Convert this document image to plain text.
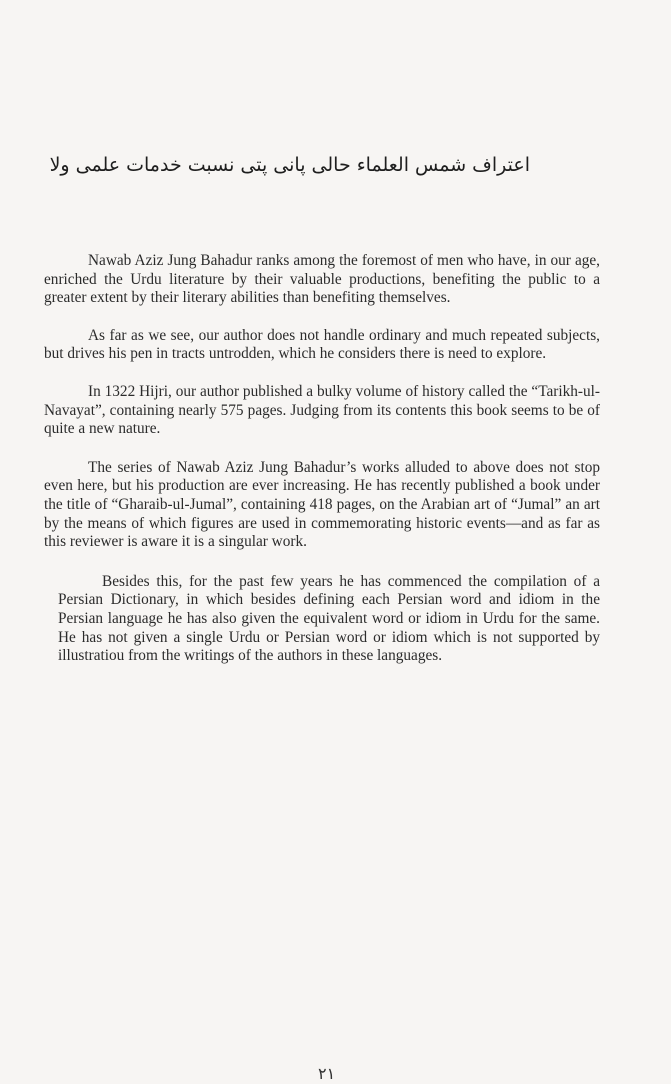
اعتراف شمس العلماء حالی پانی پتی نسبت خدمات علمی ولا

Nawab Aziz Jung Bahadur ranks among the foremost of men who have, in our age, enriched the Urdu literature by their valuable productions, benefiting the public to a greater extent by their literary abilities than benefiting themselves.

As far as we see, our author does not handle ordinary and much repeated subjects, but drives his pen in tracts untrodden, which he considers there is need to explore.

In 1322 Hijri, our author published a bulky volume of history called the “Tarikh-ul-Navayat”, containing nearly 575 pages. Judging from its contents this book seems to be of quite a new nature.

The series of Nawab Aziz Jung Bahadur’s works alluded to above does not stop even here, but his production are ever increasing. He has recently published a book under the title of “Gharaib-ul-Jumal”, containing 418 pages, on the Arabian art of “Jumal” an art by the means of which figures are used in commemorating historic events—and as far as this reviewer is aware it is a singular work.

Besides this, for the past few years he has commenced the compilation of a Persian Dictionary, in which besides defining each Persian word and idiom in the Persian language he has also given the equivalent word or idiom in Urdu for the same. He has not given a single Urdu or Persian word or idiom which is not supported by illustratiou from the writings of the authors in these languages.

۲۱
